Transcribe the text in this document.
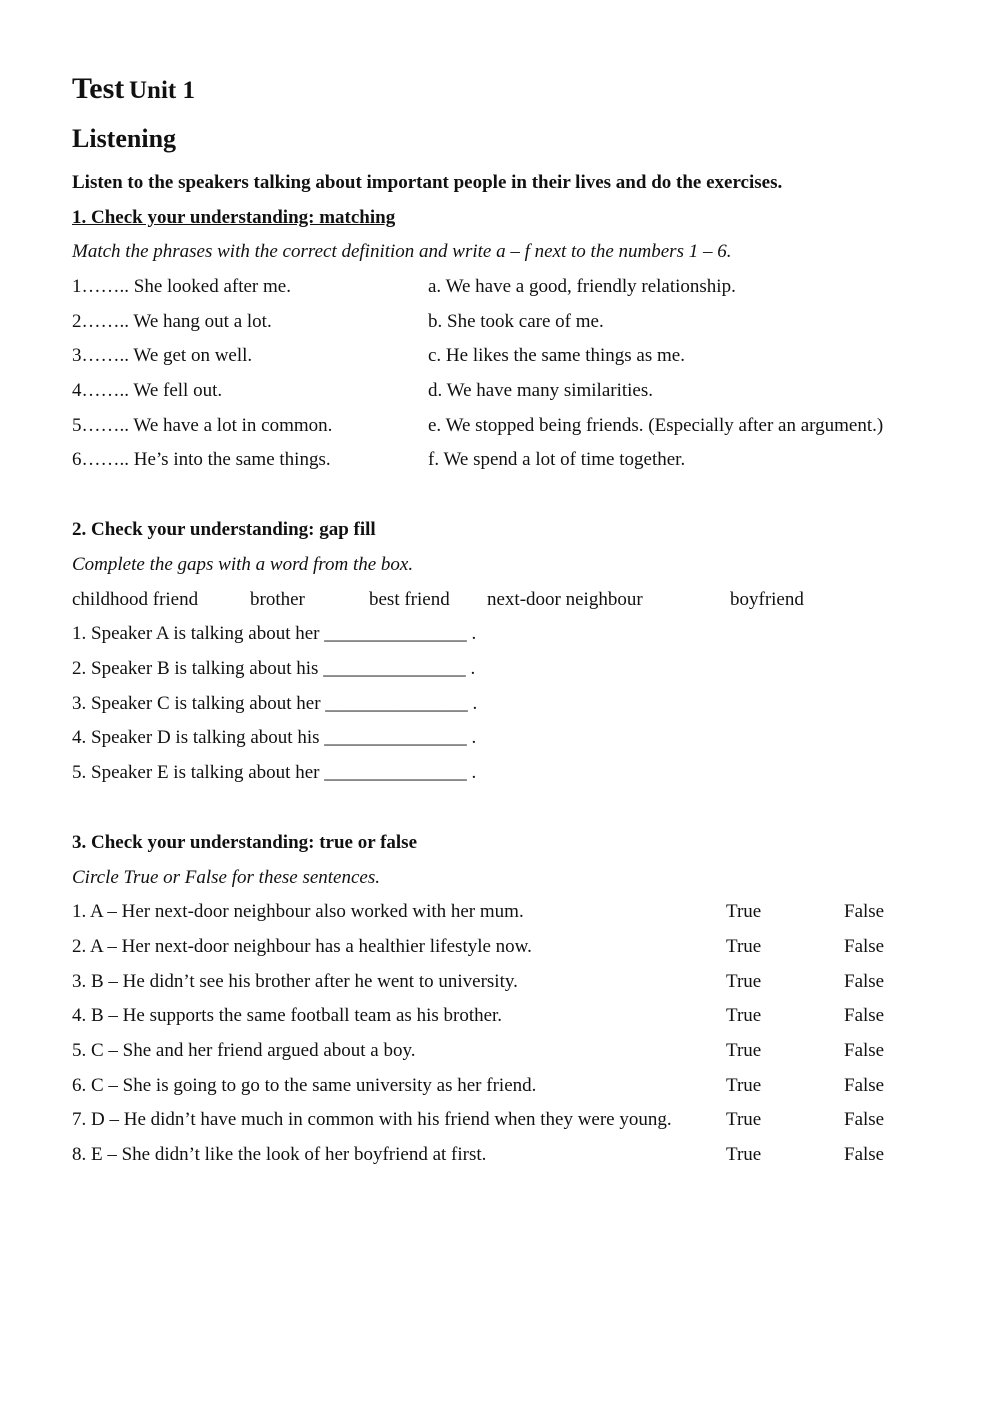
Test Unit 1
Listening
Listen to the speakers talking about important people in their lives and do the exercises.
1. Check your understanding: matching
Match the phrases with the correct definition and write a – f next to the numbers 1 – 6.
1…….. She looked after me.	a. We have a good, friendly relationship.
2…….. We hang out a lot.	b. She took care of me.
3…….. We get on well.	c. He likes the same things as me.
4…….. We fell out.	d. We have many similarities.
5…….. We have a lot in common.	e. We stopped being friends. (Especially after an argument.)
6…….. He’s into the same things.	f. We spend a lot of time together.
2. Check your understanding: gap fill
Complete the gaps with a word from the box.
childhood friend	brother	best friend next-door neighbour	boyfriend
1. Speaker A is talking about her _______________ .
2. Speaker B is talking about his _______________ .
3. Speaker C is talking about her _______________ .
4. Speaker D is talking about his _______________ .
5. Speaker E is talking about her _______________ .
3. Check your understanding: true or false
Circle True or False for these sentences.
1. A – Her next-door neighbour also worked with her mum.	True	False
2. A – Her next-door neighbour has a healthier lifestyle now.	True	False
3. B – He didn’t see his brother after he went to university.	True	False
4. B – He supports the same football team as his brother.	True	False
5. C – She and her friend argued about a boy.	True	False
6. C – She is going to go to the same university as her friend.	True	False
7. D – He didn’t have much in common with his friend when they were young.	True	False
8. E – She didn’t like the look of her boyfriend at first.	True	False
